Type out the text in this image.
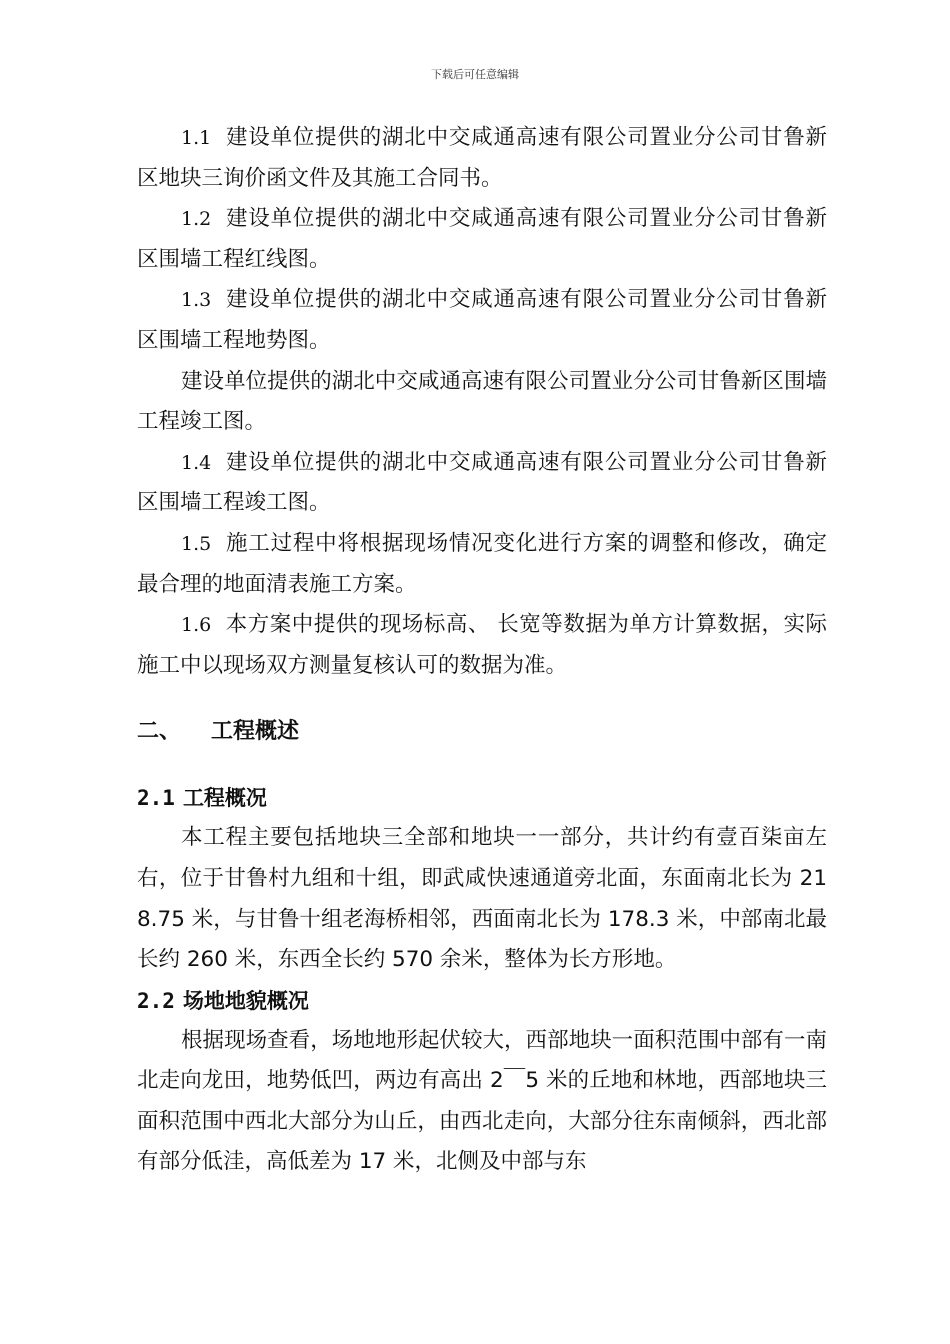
下载后可任意编辑

1.1 建设单位提供的湖北中交咸通高速有限公司置业分公司甘鲁新区地块三询价函文件及其施工合同书。

1.2 建设单位提供的湖北中交咸通高速有限公司置业分公司甘鲁新区围墙工程红线图。

1.3 建设单位提供的湖北中交咸通高速有限公司置业分公司甘鲁新区围墙工程地势图。

建设单位提供的湖北中交咸通高速有限公司置业分公司甘鲁新区围墙工程竣工图。

1.4 建设单位提供的湖北中交咸通高速有限公司置业分公司甘鲁新区围墙工程竣工图。

1.5 施工过程中将根据现场情况变化进行方案的调整和修改，确定最合理的地面清表施工方案。

1.6 本方案中提供的现场标高、 长宽等数据为单方计算数据，实际施工中以现场双方测量复核认可的数据为准。

二、 工程概述
2.1 工程概况

本工程主要包括地块三全部和地块一一部分，共计约有壹百柒亩左右，位于甘鲁村九组和十组，即武咸快速通道旁北面，东面南北长为 218.75 米，与甘鲁十组老海桥相邻，西面南北长为 178.3 米，中部南北最长约 260 米，东西全长约 570 余米，整体为长方形地。

2.2 场地地貌概况

根据现场查看，场地地形起伏较大，西部地块一面积范围中部有一南北走向龙田，地势低凹，两边有高出 2￣5 米的丘地和林地，西部地块三面积范围中西北大部分为山丘，由西北走向，大部分往东南倾斜，西北部有部分低洼，高低差为 17 米，北侧及中部与东
